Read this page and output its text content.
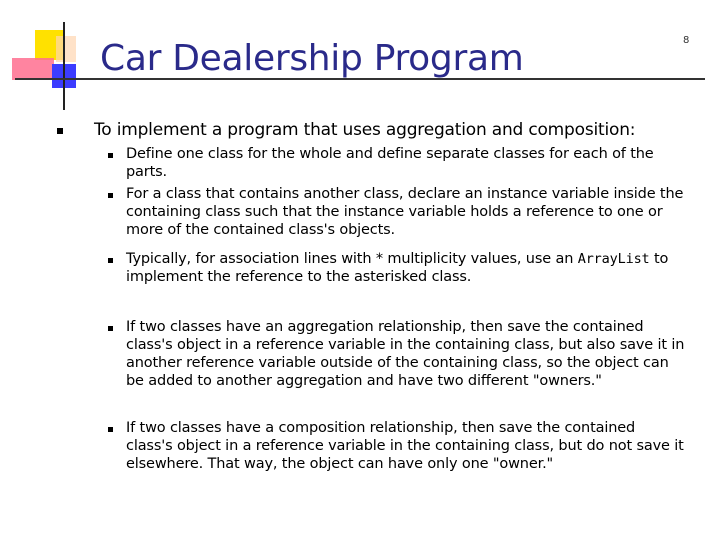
Car Dealership Program	8
To implement a program that uses aggregation and composition:
Define one class for the whole and define separate classes for each of the parts.
For a class that contains another class, declare an instance variable inside the containing class such that the instance variable holds a reference to one or more of the contained class's objects.
Typically, for association lines with * multiplicity values, use an ArrayList to implement the reference to the asterisked class.
If two classes have an aggregation relationship, then save the contained class's object in a reference variable in the containing class, but also save it in another reference variable outside of the containing class, so the object can be added to another aggregation and have two different "owners."
If two classes have a composition relationship, then save the contained class's object in a reference variable in the containing class, but do not save it elsewhere. That way, the object can have only one "owner."
